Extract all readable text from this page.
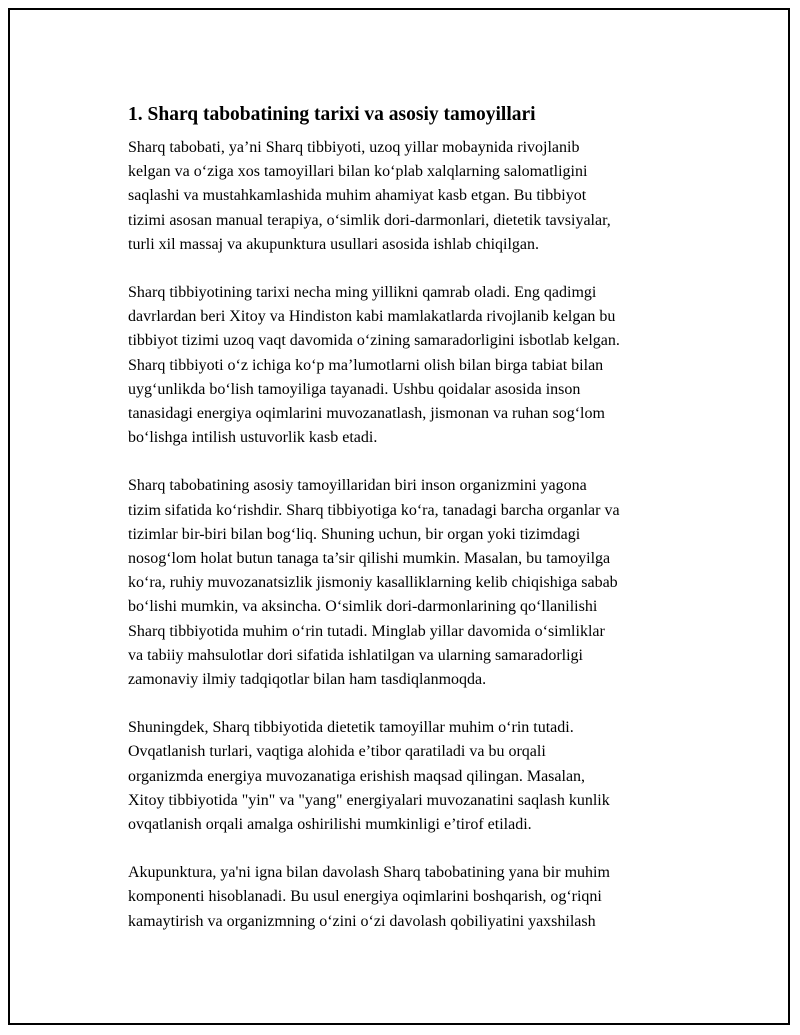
1. Sharq tabobatining tarixi va asosiy tamoyillari

Sharq tabobati, ya’ni Sharq tibbiyoti, uzoq yillar mobaynida rivojlanib
kelgan va oʻziga xos tamoyillari bilan koʻplab xalqlarning salomatligini
saqlashi va mustahkamlashida muhim ahamiyat kasb etgan. Bu tibbiyot
tizimi asosan manual terapiya, oʻsimlik dori-darmonlari, dietetik tavsiyalar,
turli xil massaj va akupunktura usullari asosida ishlab chiqilgan.

Sharq tibbiyotining tarixi necha ming yillikni qamrab oladi. Eng qadimgi
davrlardan beri Xitoy va Hindiston kabi mamlakatlarda rivojlanib kelgan bu
tibbiyot tizimi uzoq vaqt davomida oʻzining samaradorligini isbotlab kelgan.
Sharq tibbiyoti oʻz ichiga koʻp ma’lumotlarni olish bilan birga tabiat bilan
uygʻunlikda boʻlish tamoyiliga tayanadi. Ushbu qoidalar asosida inson
tanasidagi energiya oqimlarini muvozanatlash, jismonan va ruhan sogʻlom
boʻlishga intilish ustuvorlik kasb etadi.

Sharq tabobatining asosiy tamoyillaridan biri inson organizmini yagona
tizim sifatida koʻrishdir. Sharq tibbiyotiga koʻra, tanadagi barcha organlar va
tizimlar bir-biri bilan bogʻliq. Shuning uchun, bir organ yoki tizimdagi
nosogʻlom holat butun tanaga ta’sir qilishi mumkin. Masalan, bu tamoyilga
koʻra, ruhiy muvozanatsizlik jismoniy kasalliklarning kelib chiqishiga sabab
boʻlishi mumkin, va aksincha. Oʻsimlik dori-darmonlarining qoʻllanilishi
Sharq tibbiyotida muhim oʻrin tutadi. Minglab yillar davomida oʻsimliklar
va tabiiy mahsulotlar dori sifatida ishlatilgan va ularning samaradorligi
zamonaviy ilmiy tadqiqotlar bilan ham tasdiqlanmoqda.

Shuningdek, Sharq tibbiyotida dietetik tamoyillar muhim oʻrin tutadi.
Ovqatlanish turlari, vaqtiga alohida e’tibor qaratiladi va bu orqali
organizmda energiya muvozanatiga erishish maqsad qilingan. Masalan,
Xitoy tibbiyotida "yin" va "yang" energiyalari muvozanatini saqlash kunlik
ovqatlanish orqali amalga oshirilishi mumkinligi e’tirof etiladi.

Akupunktura, ya'ni igna bilan davolash Sharq tabobatining yana bir muhim
komponenti hisoblanadi. Bu usul energiya oqimlarini boshqarish, ogʻriqni
kamaytirish va organizmning oʻzini oʻzi davolash qobiliyatini yaxshilash
